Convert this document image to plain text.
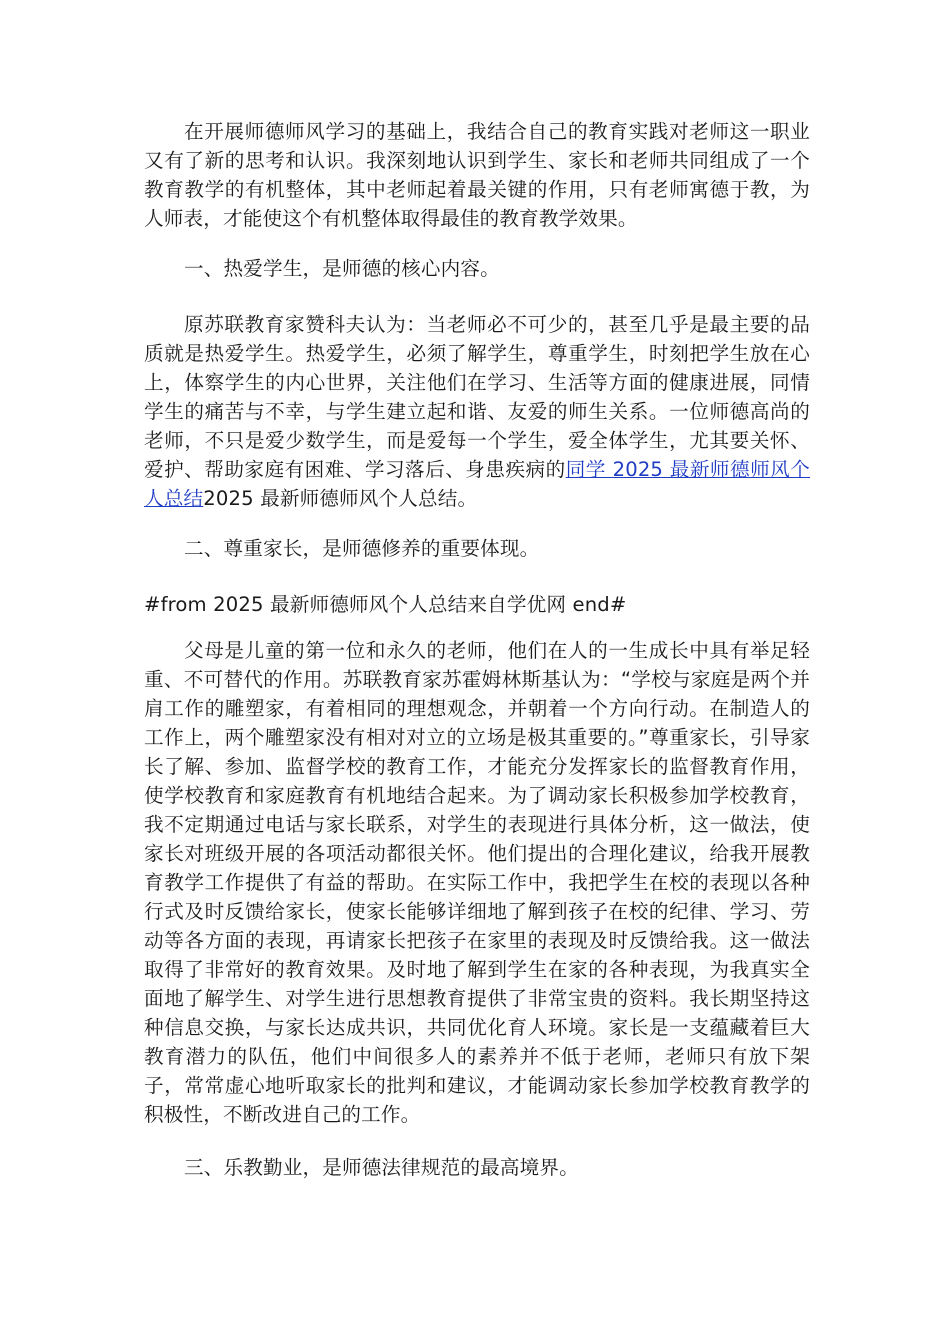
在开展师德师风学习的基础上，我结合自己的教育实践对老师这一职业又有了新的思考和认识。我深刻地认识到学生、家长和老师共同组成了一个教育教学的有机整体，其中老师起着最关键的作用，只有老师寓德于教，为人师表，才能使这个有机整体取得最佳的教育教学效果。

一、热爱学生，是师德的核心内容。

原苏联教育家赞科夫认为：当老师必不可少的，甚至几乎是最主要的品质就是热爱学生。热爱学生，必须了解学生，尊重学生，时刻把学生放在心上，体察学生的内心世界，关注他们在学习、生活等方面的健康进展，同情学生的痛苦与不幸，与学生建立起和谐、友爱的师生关系。一位师德高尚的老师，不只是爱少数学生，而是爱每一个学生，爱全体学生，尤其要关怀、爱护、帮助家庭有困难、学习落后、身患疾病的同学 2025 最新师德师风个人总结2025 最新师德师风个人总结。

二、尊重家长，是师德修养的重要体现。

#from 2025 最新师德师风个人总结来自学优网 end#

父母是儿童的第一位和永久的老师，他们在人的一生成长中具有举足轻重、不可替代的作用。苏联教育家苏霍姆林斯基认为：“学校与家庭是两个并肩工作的雕塑家，有着相同的理想观念，并朝着一个方向行动。在制造人的工作上，两个雕塑家没有相对对立的立场是极其重要的。”尊重家长，引导家长了解、参加、监督学校的教育工作，才能充分发挥家长的监督教育作用，使学校教育和家庭教育有机地结合起来。为了调动家长积极参加学校教育，我不定期通过电话与家长联系，对学生的表现进行具体分析，这一做法，使家长对班级开展的各项活动都很关怀。他们提出的合理化建议，给我开展教育教学工作提供了有益的帮助。在实际工作中，我把学生在校的表现以各种行式及时反馈给家长，使家长能够详细地了解到孩子在校的纪律、学习、劳动等各方面的表现，再请家长把孩子在家里的表现及时反馈给我。这一做法取得了非常好的教育效果。及时地了解到学生在家的各种表现，为我真实全面地了解学生、对学生进行思想教育提供了非常宝贵的资料。我长期坚持这种信息交换，与家长达成共识，共同优化育人环境。家长是一支蕴藏着巨大教育潜力的队伍，他们中间很多人的素养并不低于老师，老师只有放下架子，常常虚心地听取家长的批判和建议，才能调动家长参加学校教育教学的积极性，不断改进自己的工作。

三、乐教勤业，是师德法律规范的最高境界。
